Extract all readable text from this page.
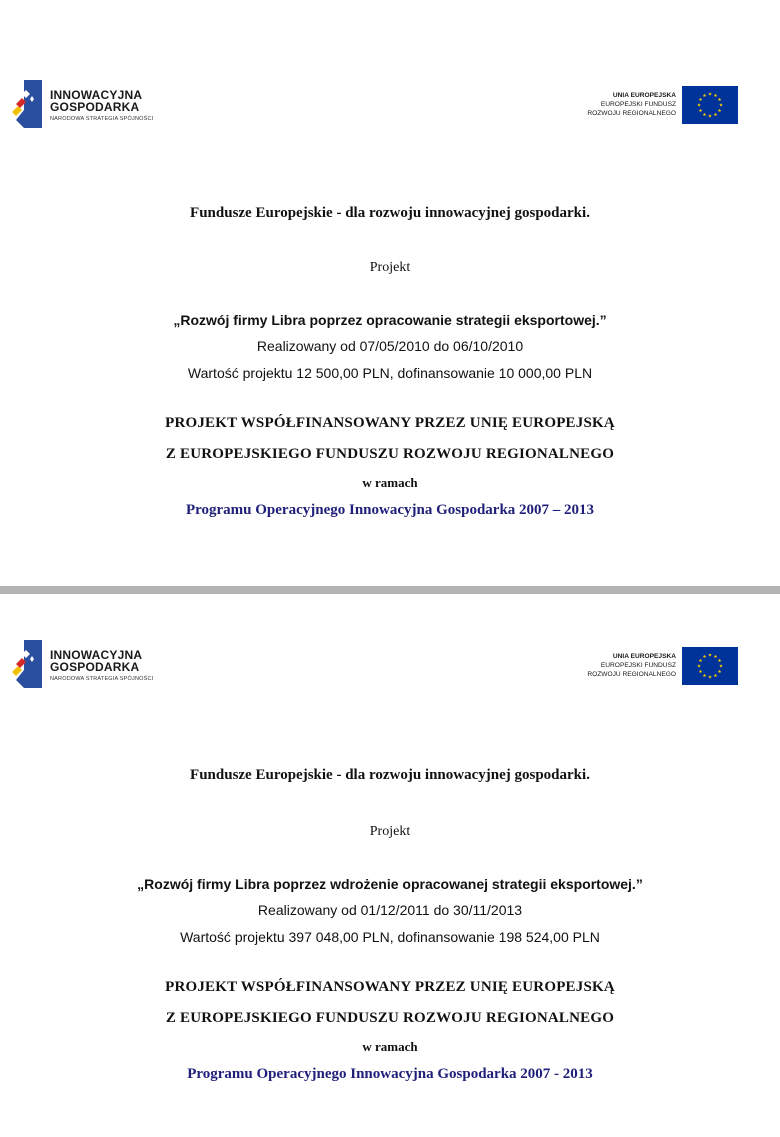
INNOWACYJNA
GOSPODARKA
NARODOWA STRATEGIA SPÓJNOŚCI
UNIA EUROPEJSKA
EUROPEJSKI FUNDUSZ
ROZWOJU REGIONALNEGO
Fundusze Europejskie - dla rozwoju innowacyjnej gospodarki.
Projekt
„Rozwój firmy Libra poprzez opracowanie strategii eksportowej.”
Realizowany od 07/05/2010 do 06/10/2010
Wartość projektu 12 500,00 PLN, dofinansowanie 10 000,00 PLN
PROJEKT WSPÓŁFINANSOWANY PRZEZ UNIĘ EUROPEJSKĄ
Z EUROPEJSKIEGO FUNDUSZU ROZWOJU REGIONALNEGO
w ramach
Programu Operacyjnego Innowacyjna Gospodarka 2007 – 2013
INNOWACYJNA
GOSPODARKA
NARODOWA STRATEGIA SPÓJNOŚCI
UNIA EUROPEJSKA
EUROPEJSKI FUNDUSZ
ROZWOJU REGIONALNEGO
Fundusze Europejskie - dla rozwoju innowacyjnej gospodarki.
Projekt
„Rozwój firmy Libra poprzez wdrożenie opracowanej strategii eksportowej.”
Realizowany od 01/12/2011 do 30/11/2013
Wartość projektu 397 048,00 PLN, dofinansowanie 198 524,00 PLN
PROJEKT WSPÓŁFINANSOWANY PRZEZ UNIĘ EUROPEJSKĄ
Z EUROPEJSKIEGO FUNDUSZU ROZWOJU REGIONALNEGO
w ramach
Programu Operacyjnego Innowacyjna Gospodarka 2007 - 2013
